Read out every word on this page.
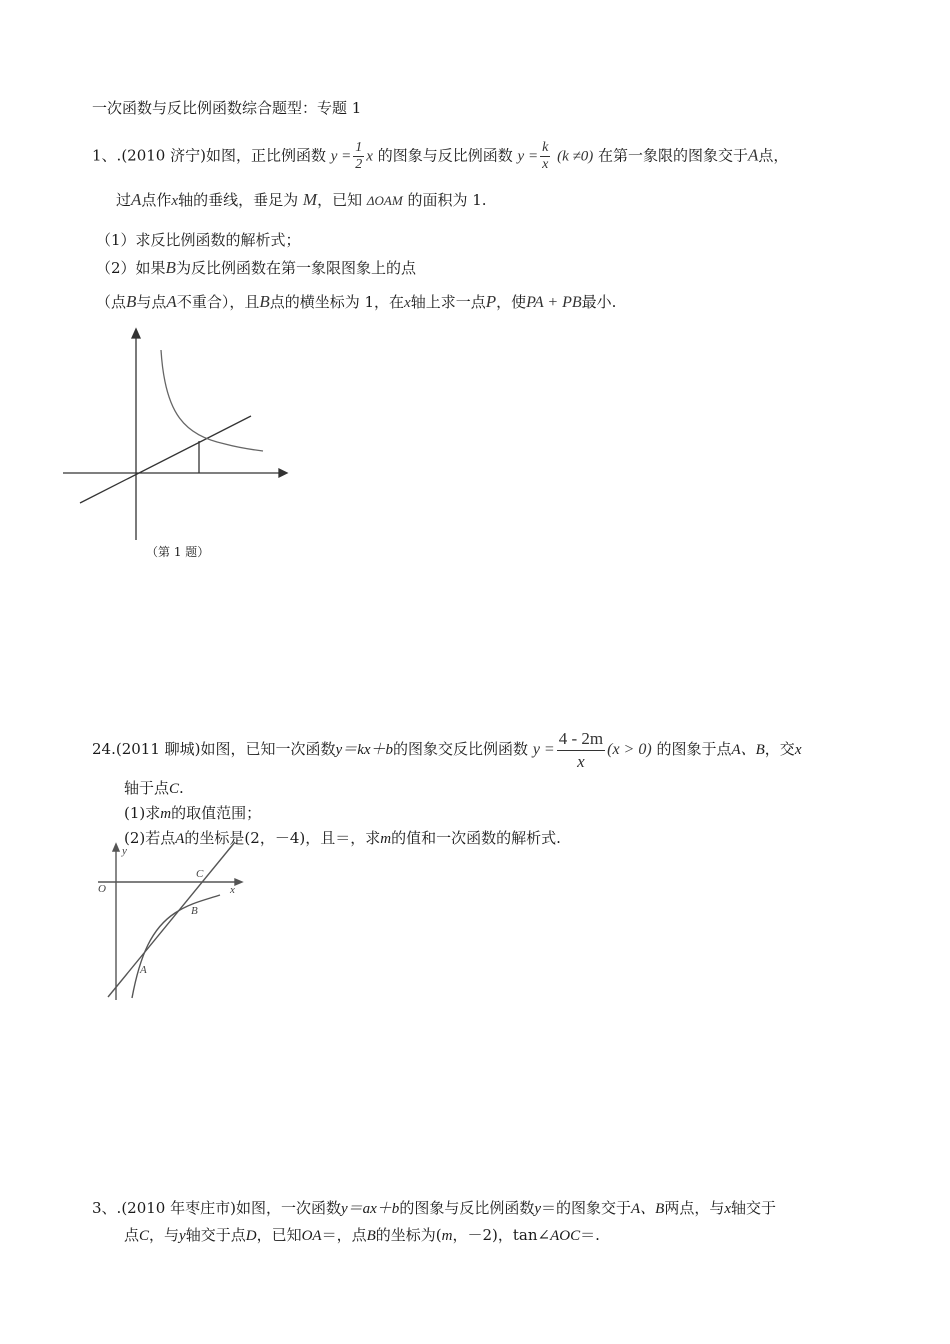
一次函数与反比例函数综合题型：专题 1
1、.(2010 济宁)如图，正比例函数 $y = \frac{1}{2}$ x 的图象与反比例函数 $y = \frac{k}{x} (k \ne 0)$ 在第一象限的图象交于A点，
过A点作x轴的垂线，垂足为 M，已知 ΔOAM 的面积为 1.
（1）求反比例函数的解析式；
（2）如果B为反比例函数在第一象限图象上的点
（点B与点A不重合），且B点的横坐标为 1，在x轴上求一点P，使PA + PB最小.
（第 1 题）
24.(2011 聊城)如图，已知一次函数y＝kx＋b的图象交反比例函数 $y = \frac{4 - 2m}{x} (x > 0)$ 的图象于点A、B，交x
轴于点C.
(1)求m的取值范围；
(2)若点A的坐标是(2，－4)，且＝，求m的值和一次函数的解析式.
y
x
O
C
B
A
3、.(2010 年枣庄市)如图，一次函数y＝ax＋b的图象与反比例函数y＝的图象交于A、B两点，与x轴交于
点C，与y轴交于点D，已知OA＝，点B的坐标为(m，－2)，tan∠AOC＝.
